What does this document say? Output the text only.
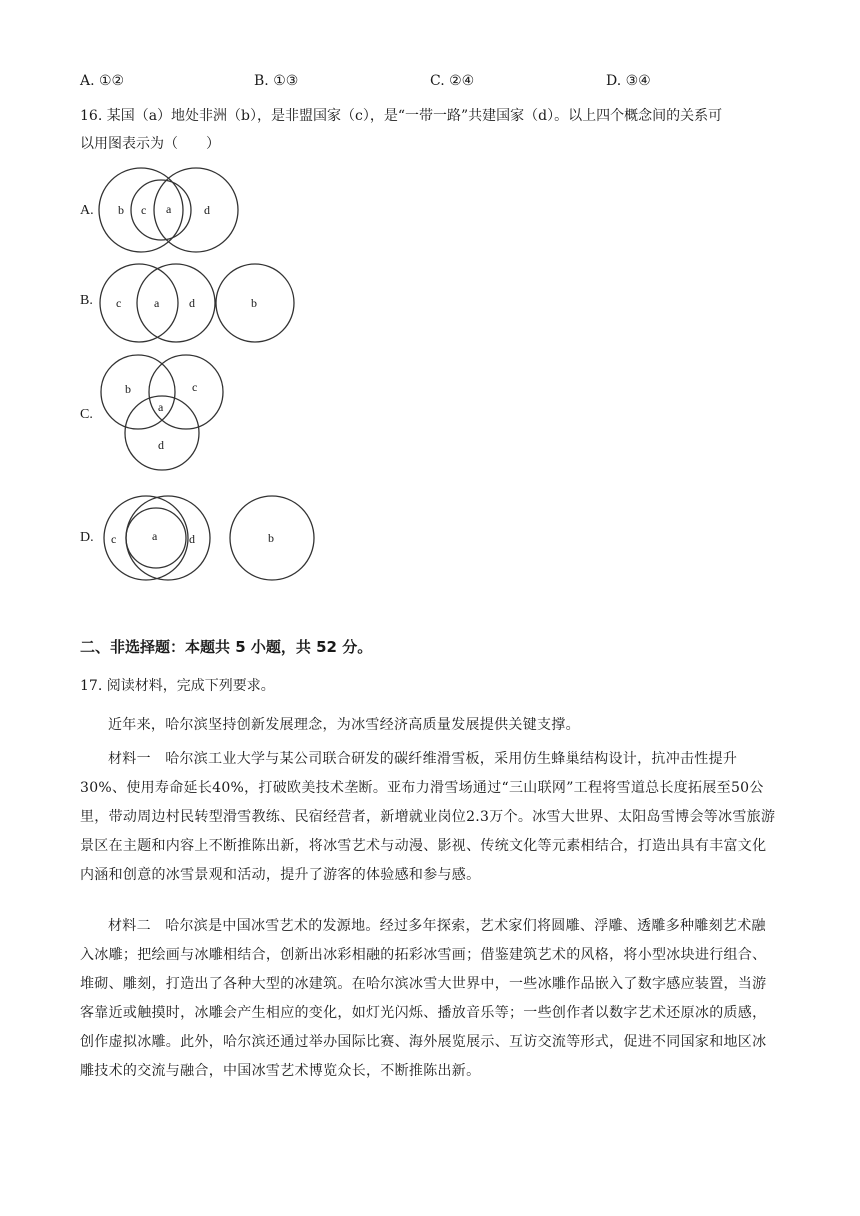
A. ①②	B. ①③	C. ②④	D. ③④
16. 某国（a）地处非洲（b），是非盟国家（c），是“一带一路”共建国家（d）。以上四个概念间的关系可
以用图表示为（　　）
A. b c a	d
B. c	a d	b
C.
b	c
a
d
D. c	a	d	b
二、非选择题：本题共 5 小题，共 52 分。
17. 阅读材料，完成下列要求。
近年来，哈尔滨坚持创新发展理念，为冰雪经济高质量发展提供关键支撑。
材料一　哈尔滨工业大学与某公司联合研发的碳纤维滑雪板，采用仿生蜂巢结构设计，抗冲击性提升30%、使用寿命延长40%，打破欧美技术垄断。亚布力滑雪场通过“三山联网”工程将雪道总长度拓展至50公里，带动周边村民转型滑雪教练、民宿经营者，新增就业岗位2.3万个。冰雪大世界、太阳岛雪博会等冰雪旅游景区在主题和内容上不断推陈出新，将冰雪艺术与动漫、影视、传统文化等元素相结合，打造出具有丰富文化内涵和创意的冰雪景观和活动，提升了游客的体验感和参与感。
材料二　哈尔滨是中国冰雪艺术的发源地。经过多年探索，艺术家们将圆雕、浮雕、透雕多种雕刻艺术融入冰雕；把绘画与冰雕相结合，创新出冰彩相融的拓彩冰雪画；借鉴建筑艺术的风格，将小型冰块进行组合、堆砌、雕刻，打造出了各种大型的冰建筑。在哈尔滨冰雪大世界中，一些冰雕作品嵌入了数字感应装置，当游客靠近或触摸时，冰雕会产生相应的变化，如灯光闪烁、播放音乐等；一些创作者以数字艺术还原冰的质感，创作虚拟冰雕。此外，哈尔滨还通过举办国际比赛、海外展览展示、互访交流等形式，促进不同国家和地区冰雕技术的交流与融合，中国冰雪艺术博览众长，不断推陈出新。
